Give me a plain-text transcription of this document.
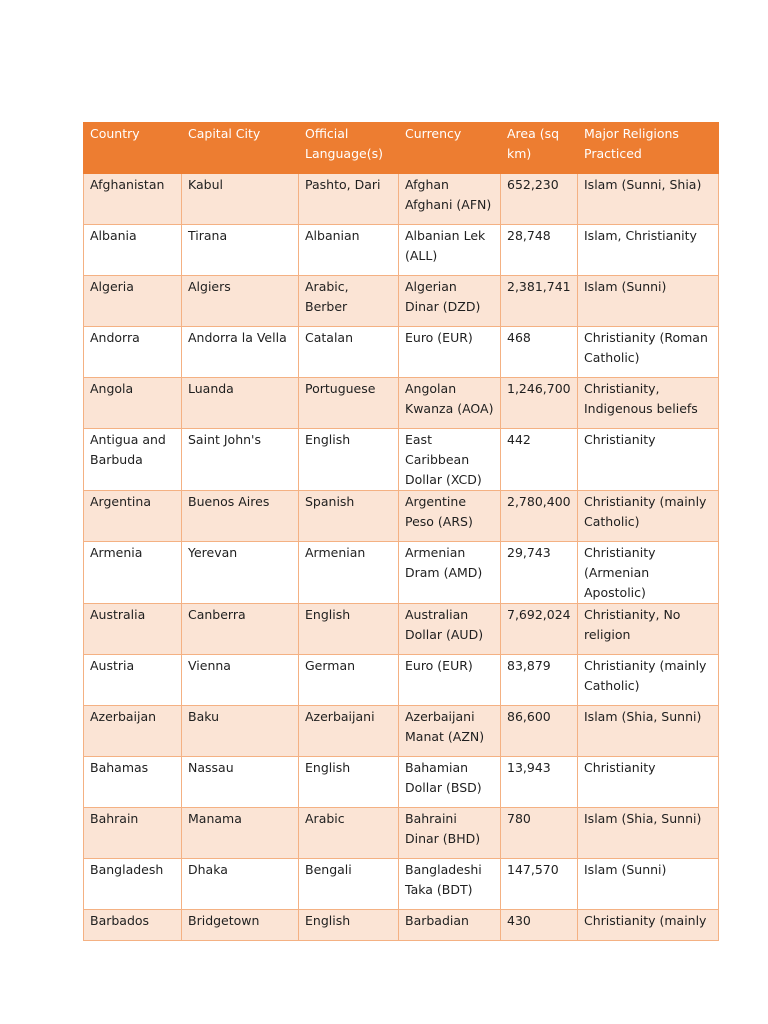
Country	Capital City	Official Language(s)	Currency	Area (sq km)	Major Religions Practiced
Afghanistan	Kabul	Pashto, Dari	Afghan Afghani (AFN)	652,230	Islam (Sunni, Shia)
Albania	Tirana	Albanian	Albanian Lek (ALL)	28,748	Islam, Christianity
Algeria	Algiers	Arabic, Berber	Algerian Dinar (DZD)	2,381,741	Islam (Sunni)
Andorra	Andorra la Vella	Catalan	Euro (EUR)	468	Christianity (Roman Catholic)
Angola	Luanda	Portuguese	Angolan Kwanza (AOA)	1,246,700	Christianity, Indigenous beliefs
Antigua and Barbuda	Saint John's	English	East Caribbean Dollar (XCD)	442	Christianity
Argentina	Buenos Aires	Spanish	Argentine Peso (ARS)	2,780,400	Christianity (mainly Catholic)
Armenia	Yerevan	Armenian	Armenian Dram (AMD)	29,743	Christianity (Armenian Apostolic)
Australia	Canberra	English	Australian Dollar (AUD)	7,692,024	Christianity, No religion
Austria	Vienna	German	Euro (EUR)	83,879	Christianity (mainly Catholic)
Azerbaijan	Baku	Azerbaijani	Azerbaijani Manat (AZN)	86,600	Islam (Shia, Sunni)
Bahamas	Nassau	English	Bahamian Dollar (BSD)	13,943	Christianity
Bahrain	Manama	Arabic	Bahraini Dinar (BHD)	780	Islam (Shia, Sunni)
Bangladesh	Dhaka	Bengali	Bangladeshi Taka (BDT)	147,570	Islam (Sunni)
Barbados	Bridgetown	English	Barbadian	430	Christianity (mainly
